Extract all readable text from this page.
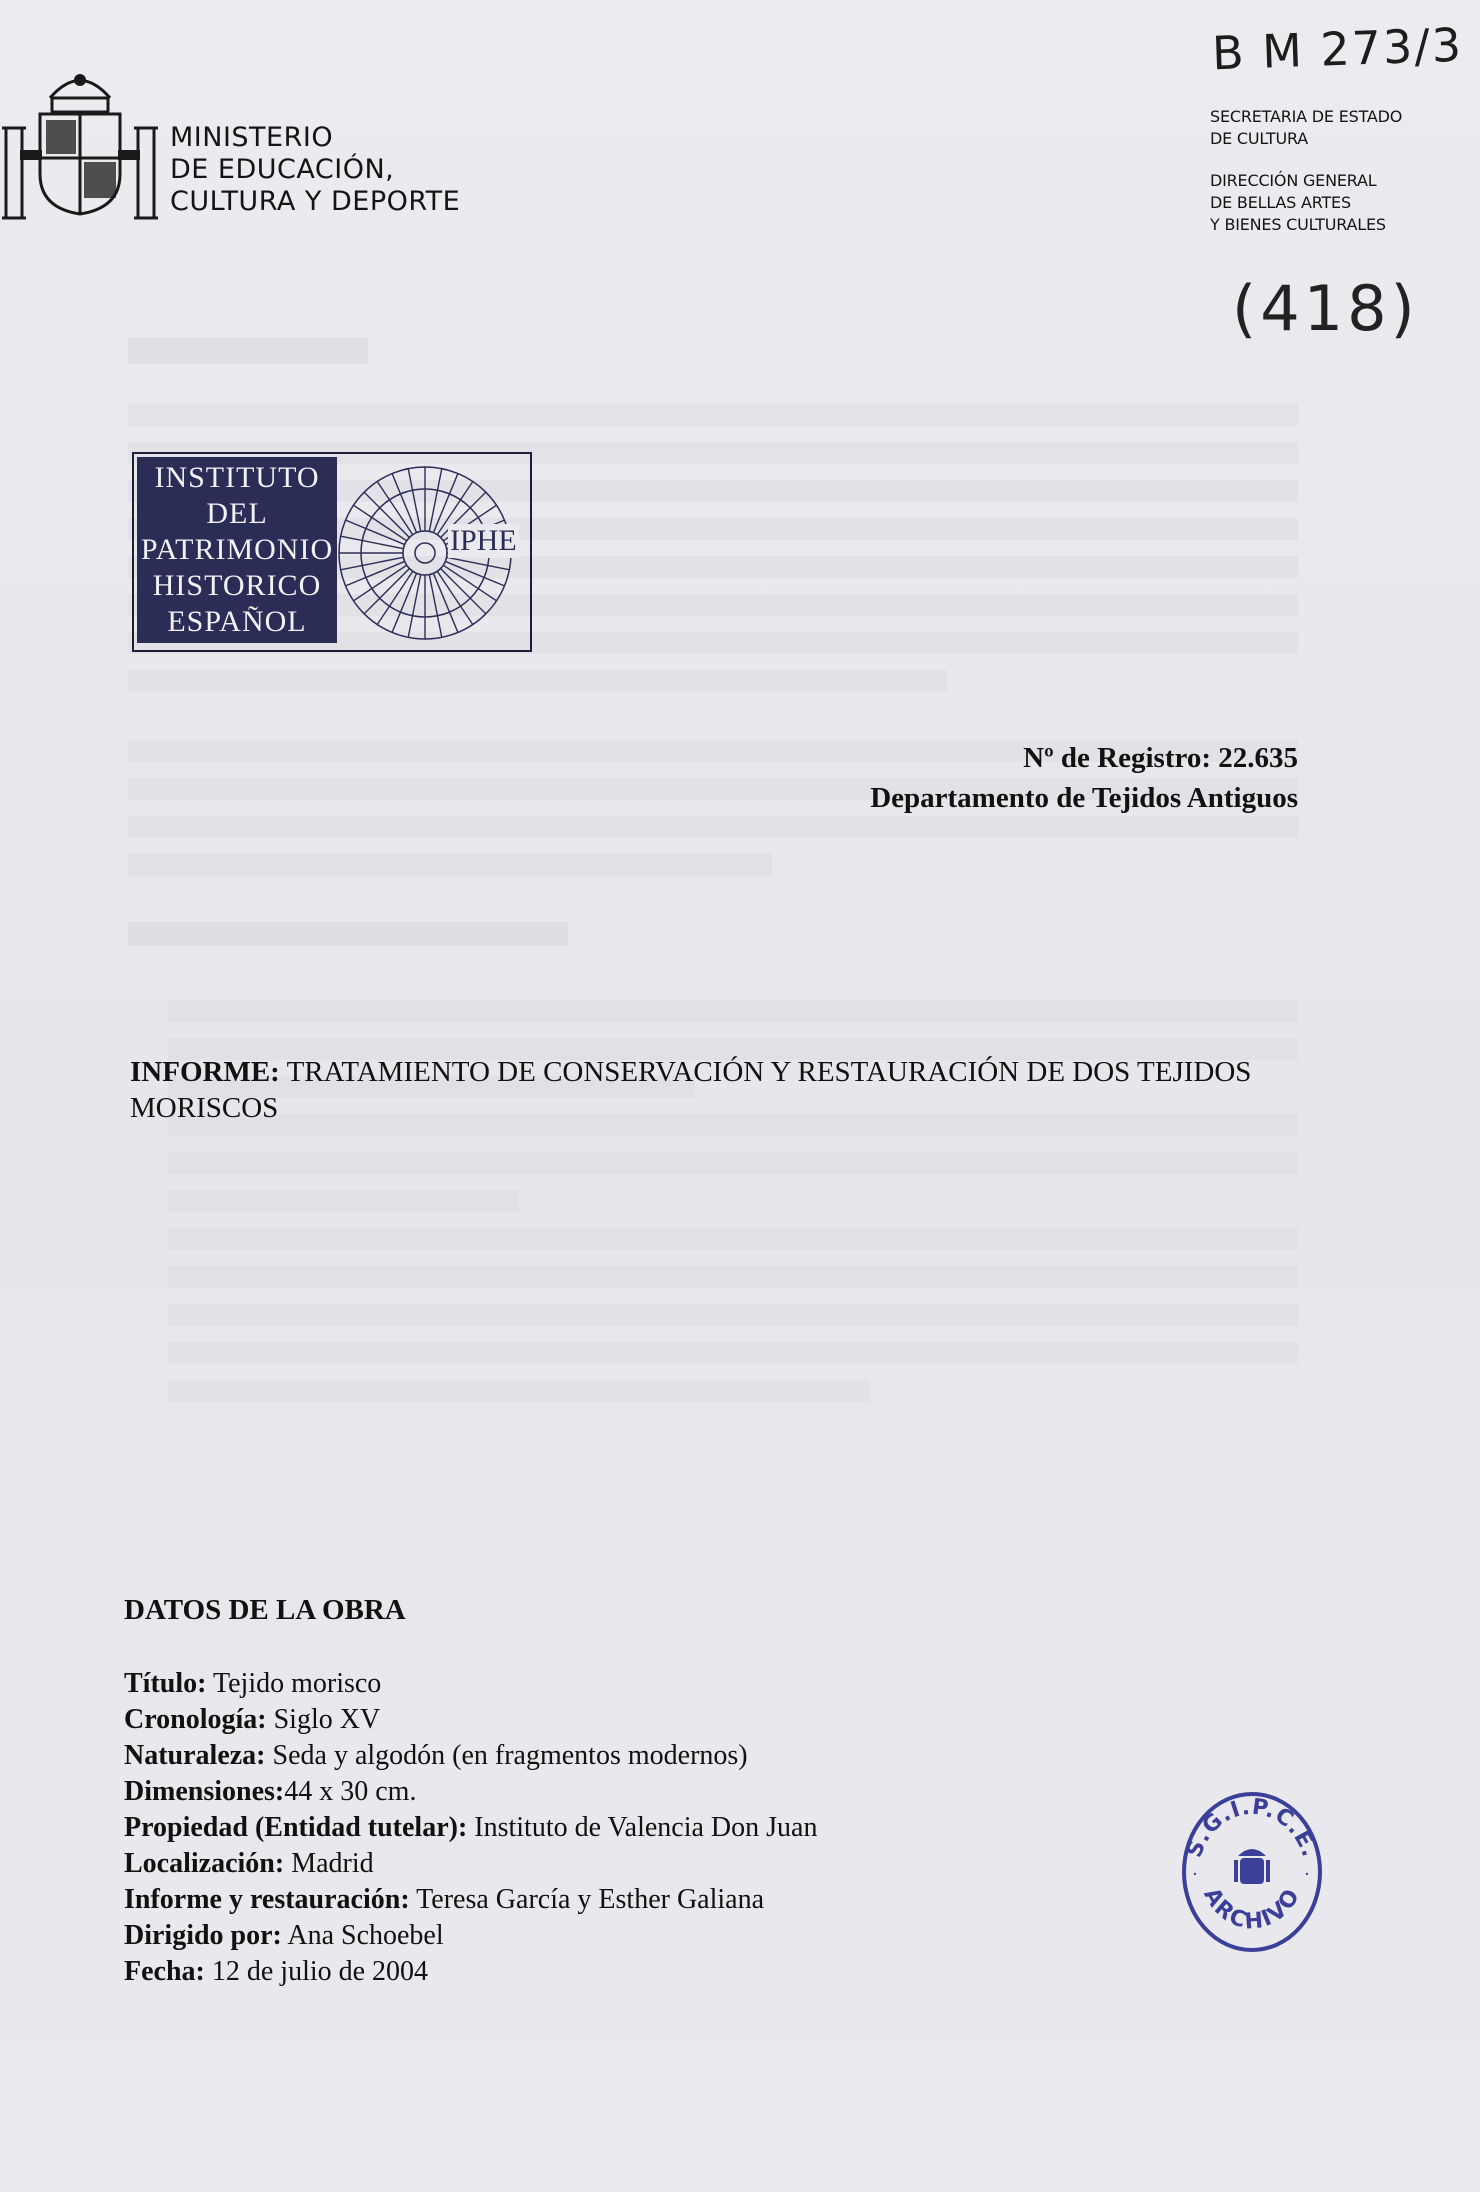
B M 273/3
(418)
MINISTERIO
DE EDUCACIÓN,
CULTURA Y DEPORTE
SECRETARIA DE ESTADO
DE CULTURA
DIRECCIÓN GENERAL
DE BELLAS ARTES
Y BIENES CULTURALES
INSTITUTO
DEL
PATRIMONIO
HISTORICO
ESPAÑOL
IPHE
Nº de Registro: 22.635
Departamento de Tejidos Antiguos
INFORME: TRATAMIENTO DE CONSERVACIÓN Y RESTAURACIÓN DE DOS TEJIDOS MORISCOS
DATOS DE LA OBRA
Título: Tejido morisco
Cronología: Siglo XV
Naturaleza: Seda y algodón (en fragmentos modernos)
Dimensiones:44 x 30 cm.
Propiedad (Entidad tutelar): Instituto de Valencia Don Juan
Localización: Madrid
Informe y restauración: Teresa García y Esther Galiana
Dirigido por: Ana Schoebel
Fecha: 12 de julio de 2004
S.G.I.P.C.E.
ARCHIVO
·	·
